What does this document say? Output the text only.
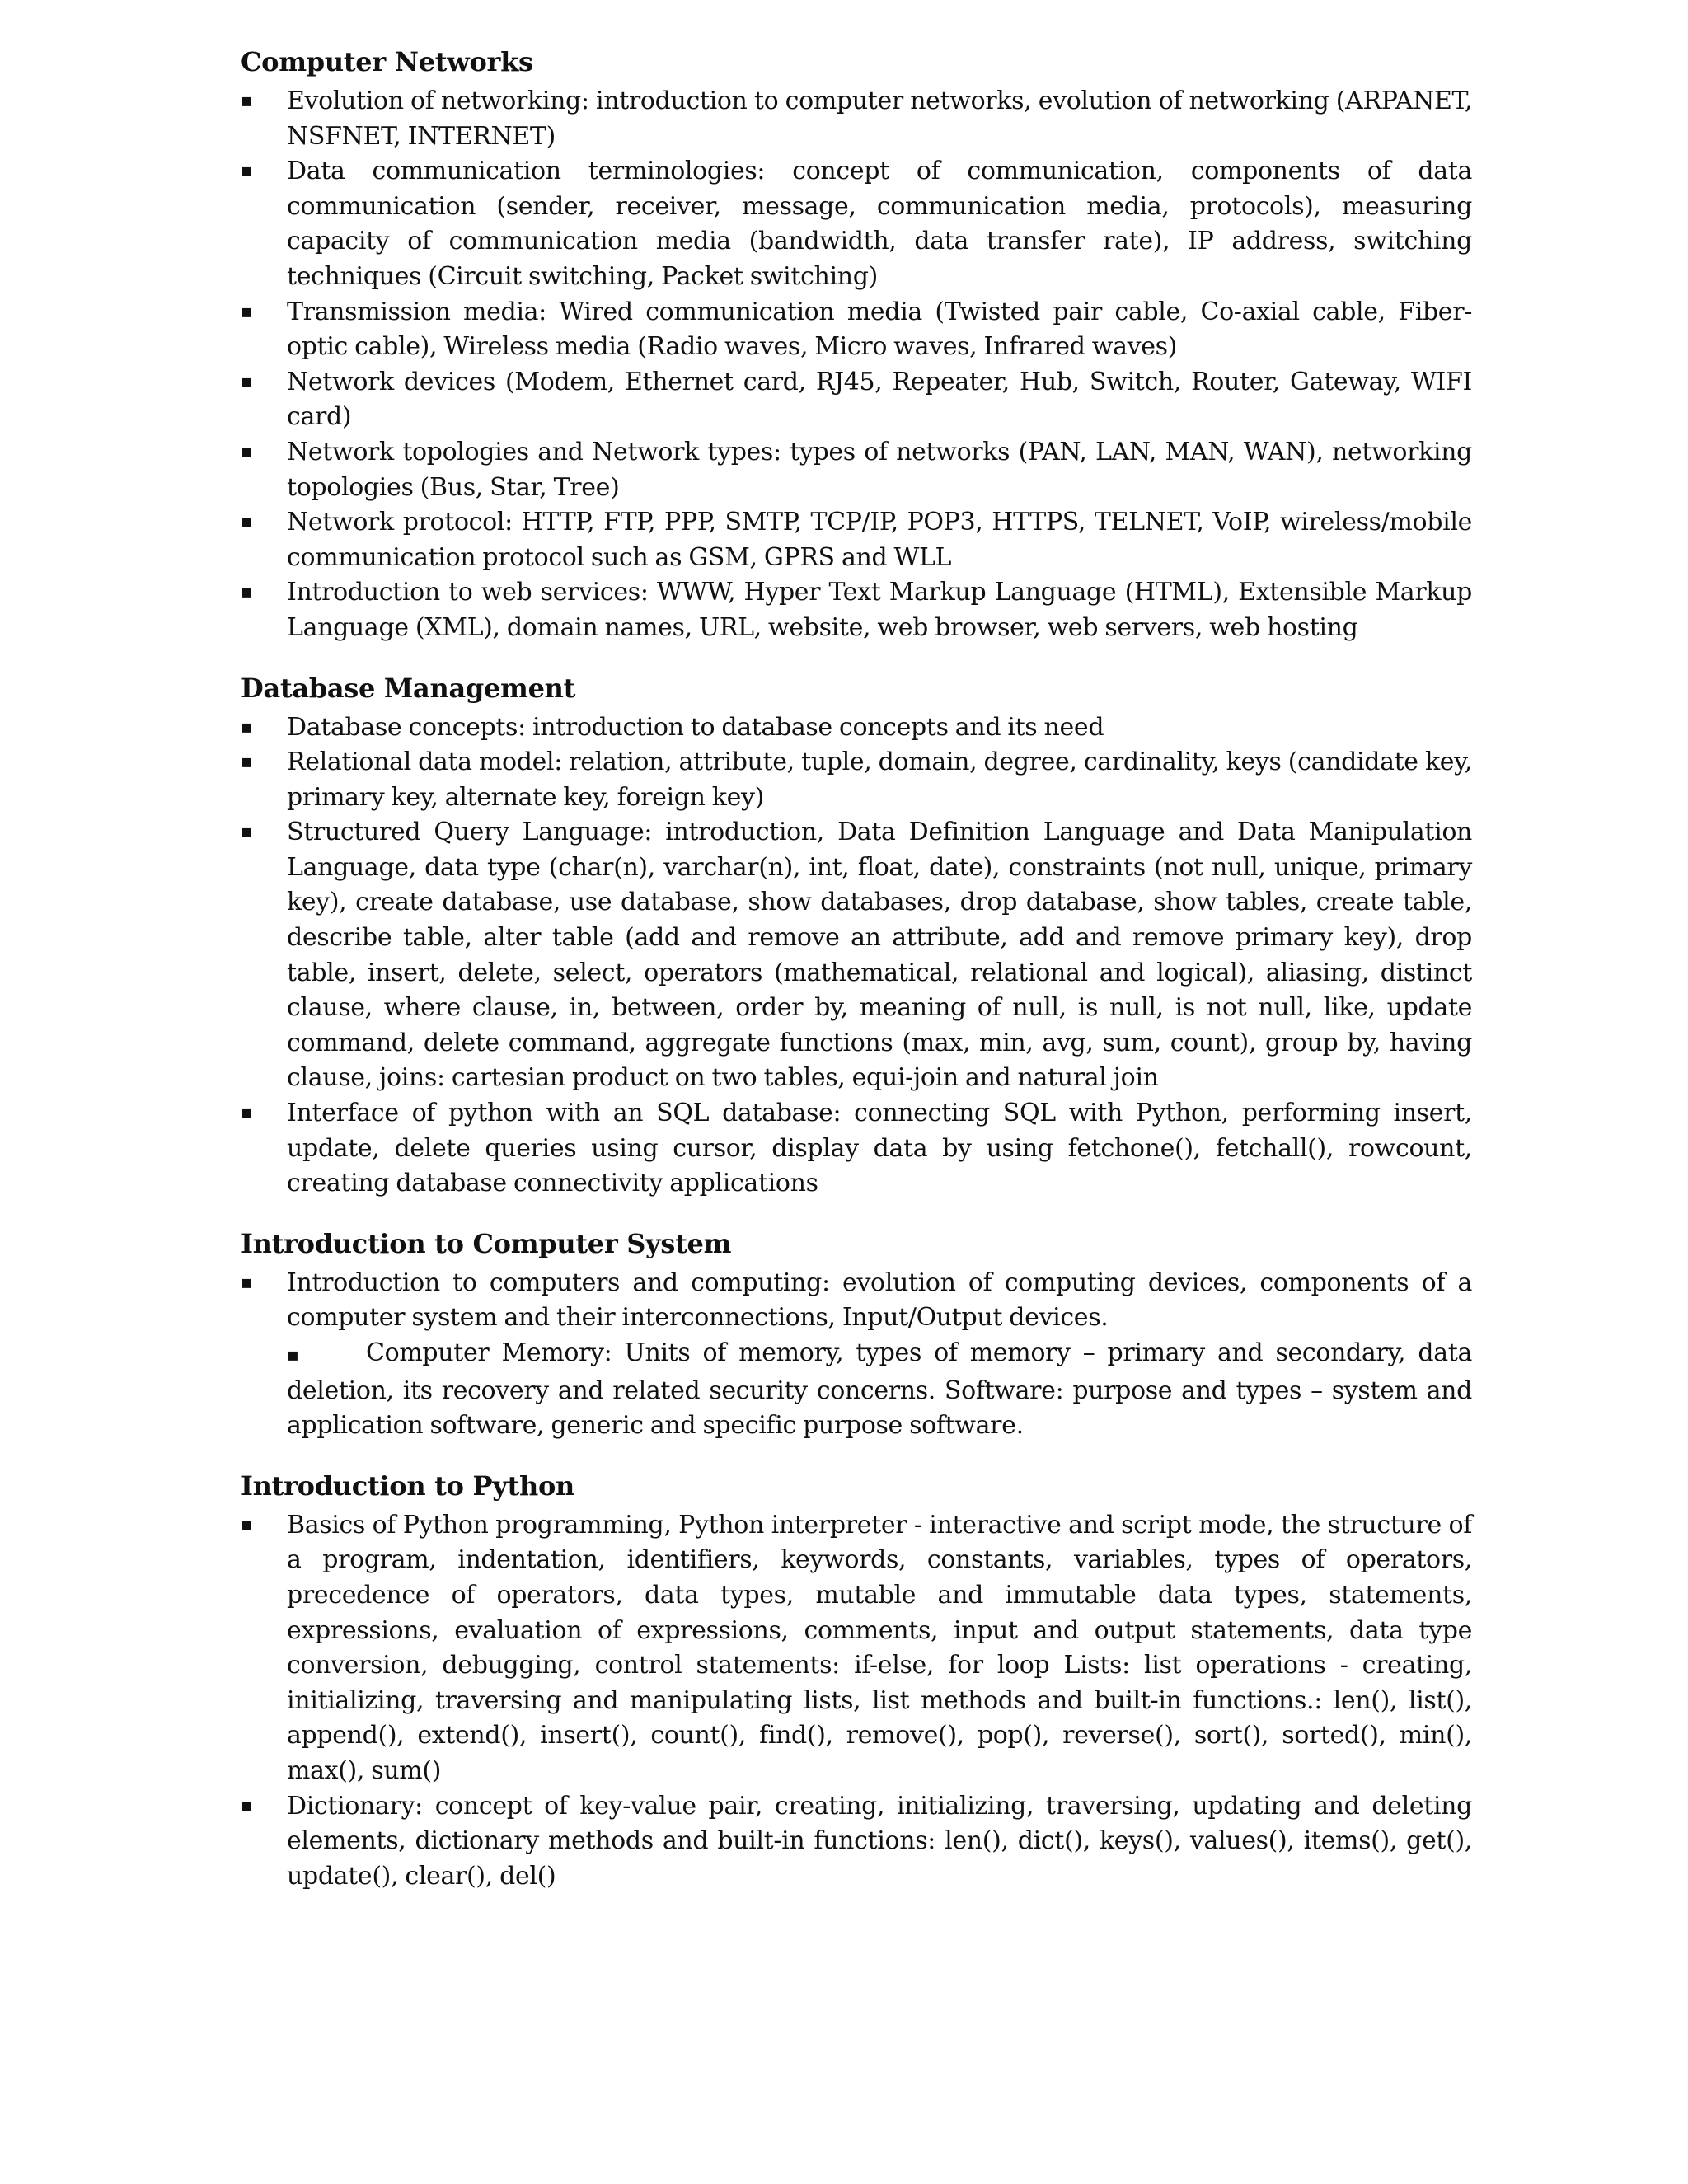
Computer Networks
▪ Evolution of networking: introduction to computer networks, evolution of networking (ARPANET, NSFNET, INTERNET)
▪ Data communication terminologies: concept of communication, components of data communication (sender, receiver, message, communication media, protocols), measuring capacity of communication media (bandwidth, data transfer rate), IP address, switching techniques (Circuit switching, Packet switching)
▪ Transmission media: Wired communication media (Twisted pair cable, Co-axial cable, Fiber-optic cable), Wireless media (Radio waves, Micro waves, Infrared waves)
▪ Network devices (Modem, Ethernet card, RJ45, Repeater, Hub, Switch, Router, Gateway, WIFI card)
▪ Network topologies and Network types: types of networks (PAN, LAN, MAN, WAN), networking topologies (Bus, Star, Tree)
▪ Network protocol: HTTP, FTP, PPP, SMTP, TCP/IP, POP3, HTTPS, TELNET, VoIP, wireless/mobile communication protocol such as GSM, GPRS and WLL
▪ Introduction to web services: WWW, Hyper Text Markup Language (HTML), Extensible Markup Language (XML), domain names, URL, website, web browser, web servers, web hosting
Database Management
▪ Database concepts: introduction to database concepts and its need
▪ Relational data model: relation, attribute, tuple, domain, degree, cardinality, keys (candidate key, primary key, alternate key, foreign key)
▪ Structured Query Language: introduction, Data Definition Language and Data Manipulation Language, data type (char(n), varchar(n), int, float, date), constraints (not null, unique, primary key), create database, use database, show databases, drop database, show tables, create table, describe table, alter table (add and remove an attribute, add and remove primary key), drop table, insert, delete, select, operators (mathematical, relational and logical), aliasing, distinct clause, where clause, in, between, order by, meaning of null, is null, is not null, like, update command, delete command, aggregate functions (max, min, avg, sum, count), group by, having clause, joins: cartesian product on two tables, equi-join and natural join
▪ Interface of python with an SQL database: connecting SQL with Python, performing insert, update, delete queries using cursor, display data by using fetchone(), fetchall(), rowcount, creating database connectivity applications
Introduction to Computer System
▪ Introduction to computers and computing: evolution of computing devices, components of a computer system and their interconnections, Input/Output devices.
▪	Computer Memory: Units of memory, types of memory – primary and secondary, data deletion, its recovery and related security concerns. Software: purpose and types – system and application software, generic and specific purpose software.
Introduction to Python
▪ Basics of Python programming, Python interpreter - interactive and script mode, the structure of a program, indentation, identifiers, keywords, constants, variables, types of operators, precedence of operators, data types, mutable and immutable data types, statements, expressions, evaluation of expressions, comments, input and output statements, data type conversion, debugging, control statements: if-else, for loop Lists: list operations - creating, initializing, traversing and manipulating lists, list methods and built-in functions.: len(), list(), append(), extend(), insert(), count(), find(), remove(), pop(), reverse(), sort(), sorted(), min(), max(), sum()
▪ Dictionary: concept of key-value pair, creating, initializing, traversing, updating and deleting elements, dictionary methods and built-in functions: len(), dict(), keys(), values(), items(), get(), update(), clear(), del()
